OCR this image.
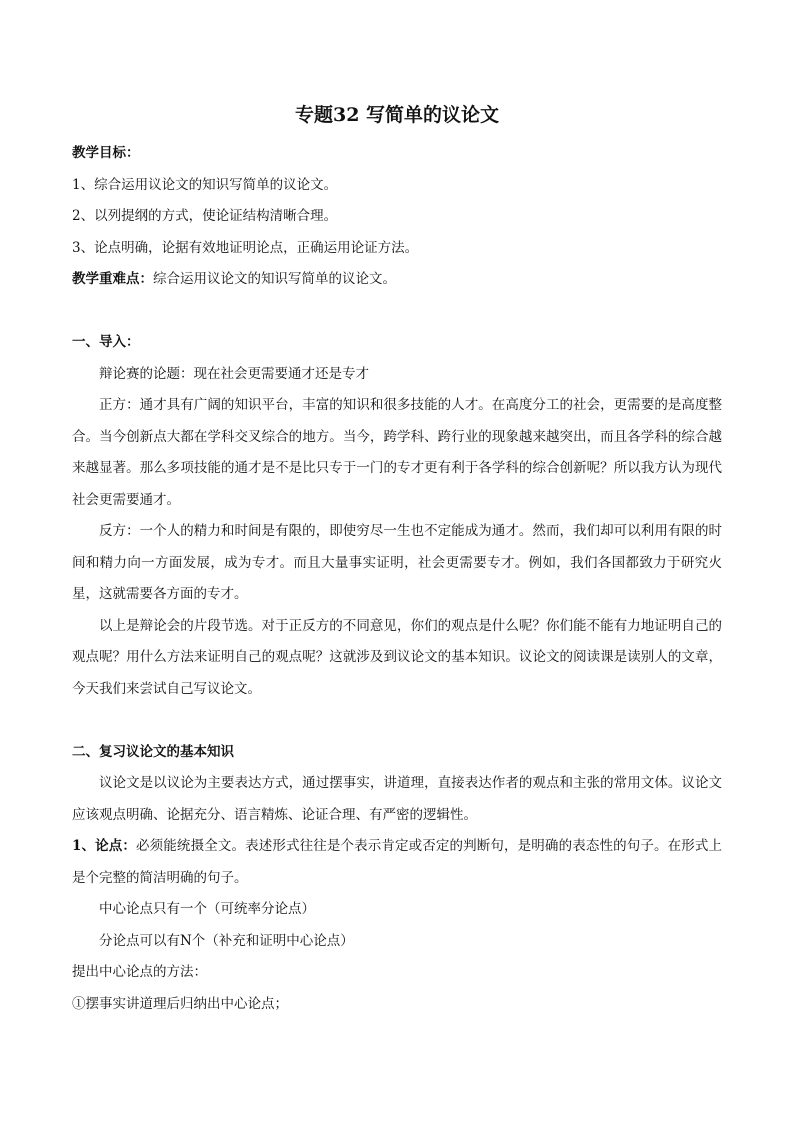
专题32 写简单的议论文

教学目标：

1、综合运用议论文的知识写简单的议论文。

2、以列提纲的方式，使论证结构清晰合理。

3、论点明确，论据有效地证明论点，正确运用论证方法。

教学重难点：综合运用议论文的知识写简单的议论文。

一、导入：

辩论赛的论题：现在社会更需要通才还是专才

正方：通才具有广阔的知识平台，丰富的知识和很多技能的人才。在高度分工的社会，更需要的是高度整合。当今创新点大都在学科交叉综合的地方。当今，跨学科、跨行业的现象越来越突出，而且各学科的综合越来越显著。那么多项技能的通才是不是比只专于一门的专才更有利于各学科的综合创新呢？所以我方认为现代社会更需要通才。

反方：一个人的精力和时间是有限的，即使穷尽一生也不定能成为通才。然而，我们却可以利用有限的时间和精力向一方面发展，成为专才。而且大量事实证明，社会更需要专才。例如，我们各国都致力于研究火星，这就需要各方面的专才。

以上是辩论会的片段节选。对于正反方的不同意见，你们的观点是什么呢？你们能不能有力地证明自己的观点呢？用什么方法来证明自己的观点呢？这就涉及到议论文的基本知识。议论文的阅读课是读别人的文章，今天我们来尝试自己写议论文。

二、复习议论文的基本知识

议论文是以议论为主要表达方式，通过摆事实，讲道理，直接表达作者的观点和主张的常用文体。议论文应该观点明确、论据充分、语言精炼、论证合理、有严密的逻辑性。

1、论点：必须能统摄全文。表述形式往往是个表示肯定或否定的判断句，是明确的表态性的句子。在形式上是个完整的简洁明确的句子。

中心论点只有一个（可统率分论点）

分论点可以有N个（补充和证明中心论点）

提出中心论点的方法：

①摆事实讲道理后归纳出中心论点；
